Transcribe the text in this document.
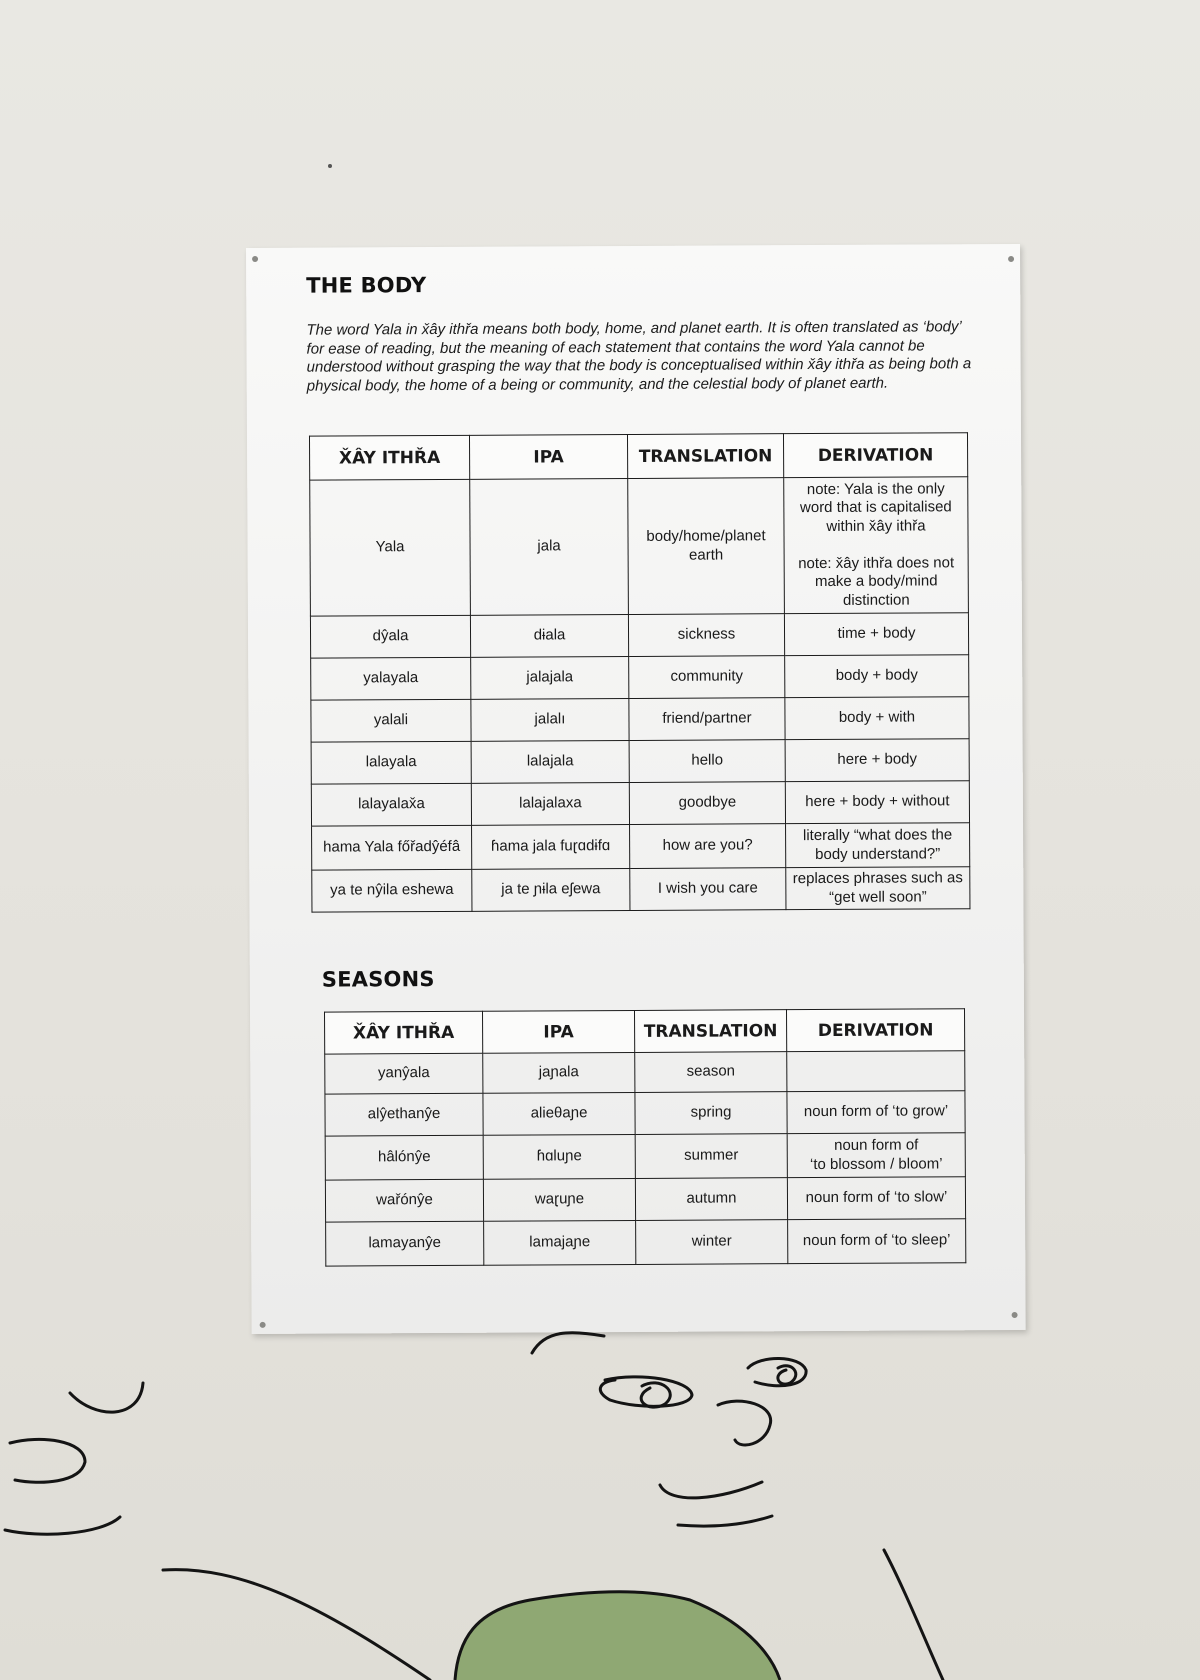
THE BODY

The word Yala in x̌ây ithřa means both body, home, and planet earth. It is often translated as ‘body’ for ease of reading, but the meaning of each statement that contains the word Yala cannot be understood without grasping the way that the body is conceptualised within x̌ây ithřa as being both a physical body, the home of a being or community, and the celestial body of planet earth.

X̌ÂY ITHŘA	IPA	TRANSLATION	DERIVATION
Yala	jala	body/home/planet earth	note: Yala is the only word that is capitalised within x̌ây ithřa

note: x̌ây ithřa does not make a body/mind distinction
dŷala	dɨala	sickness	time + body
yalayala	jalajala	community	body + body
yalali	jalalı	friend/partner	body + with
lalayala	lalajala	hello	here + body
lalayalax̌a	lalajalaxa	goodbye	here + body + without
hama Yala főřadŷéfâ	ɦama jala fuɽɑdɨfɑ	how are you?	literally “what does the body understand?”
ya te nŷila eshewa	ja te ɲɨla eʃewa	I wish you care	replaces phrases such as “get well soon”
SEASONS
X̌ÂY ITHŘA	IPA	TRANSLATION	DERIVATION
yanŷala	jaɲala	season	
alŷethanŷe	alieθaɲe	spring	noun form of ‘to grow’
hâlónŷe	ɦɑluɲe	summer	noun form of
‘to blossom / bloom’
wařónŷe	waɽuɲe	autumn	noun form of ‘to slow’
lamayanŷe	lamajaɲe	winter	noun form of ‘to sleep’
